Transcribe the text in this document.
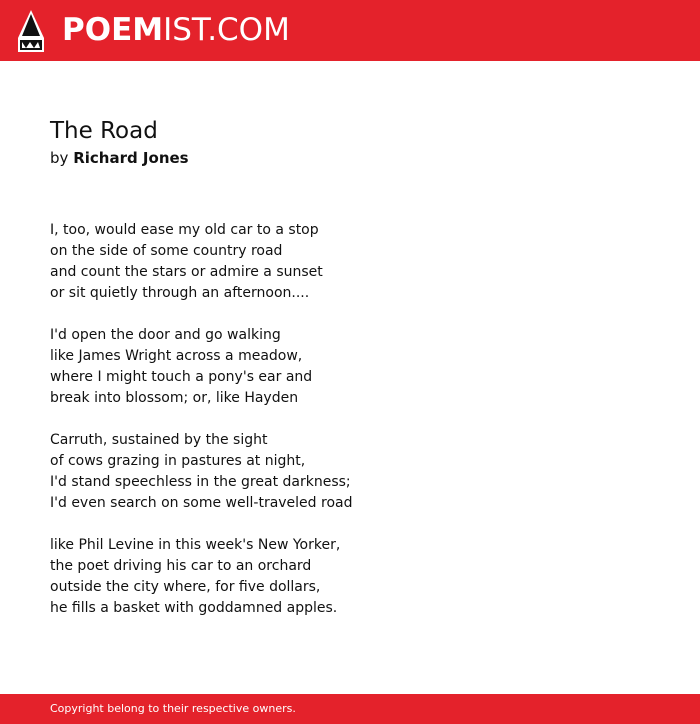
POEMIST.COM
The Road

by Richard Jones

I, too, would ease my old car to a stop
on the side of some country road
and count the stars or admire a sunset
or sit quietly through an afternoon....
I'd open the door and go walking
like James Wright across a meadow,
where I might touch a pony's ear and
break into blossom; or, like Hayden
Carruth, sustained by the sight
of cows grazing in pastures at night,
I'd stand speechless in the great darkness;
I'd even search on some well-traveled road
like Phil Levine in this week's New Yorker,
the poet driving his car to an orchard
outside the city where, for five dollars,
he fills a basket with goddamned apples.
Copyright belong to their respective owners.
